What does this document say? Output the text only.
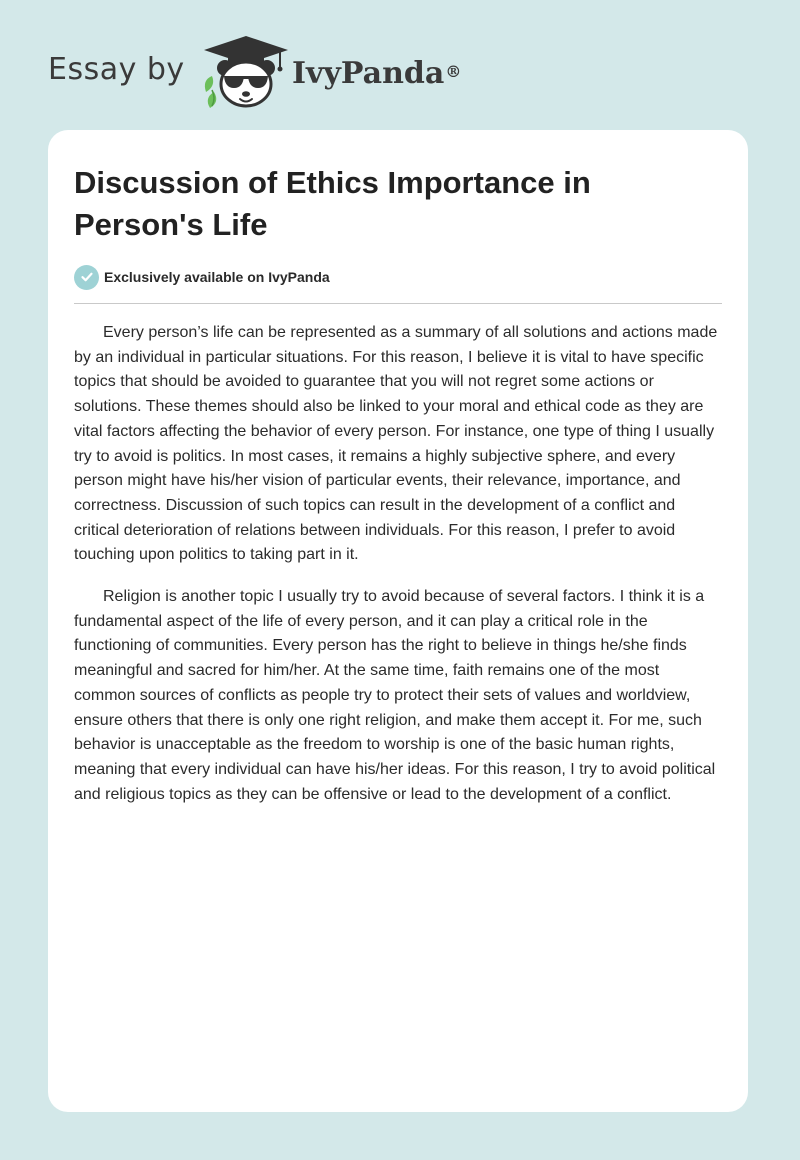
Essay by	IvyPanda®
Discussion of Ethics Importance in Person's Life
Exclusively available on IvyPanda

Every person’s life can be represented as a summary of all solutions and actions made by an individual in particular situations. For this reason, I believe it is vital to have specific topics that should be avoided to guarantee that you will not regret some actions or solutions. These themes should also be linked to your moral and ethical code as they are vital factors affecting the behavior of every person. For instance, one type of thing I usually try to avoid is politics. In most cases, it remains a highly subjective sphere, and every person might have his/her vision of particular events, their relevance, importance, and correctness. Discussion of such topics can result in the development of a conflict and critical deterioration of relations between individuals. For this reason, I prefer to avoid touching upon politics to taking part in it.

Religion is another topic I usually try to avoid because of several factors. I think it is a fundamental aspect of the life of every person, and it can play a critical role in the functioning of communities. Every person has the right to believe in things he/she finds meaningful and sacred for him/her. At the same time, faith remains one of the most common sources of conflicts as people try to protect their sets of values and worldview, ensure others that there is only one right religion, and make them accept it. For me, such behavior is unacceptable as the freedom to worship is one of the basic human rights, meaning that every individual can have his/her ideas. For this reason, I try to avoid political and religious topics as they can be offensive or lead to the development of a conflict.
